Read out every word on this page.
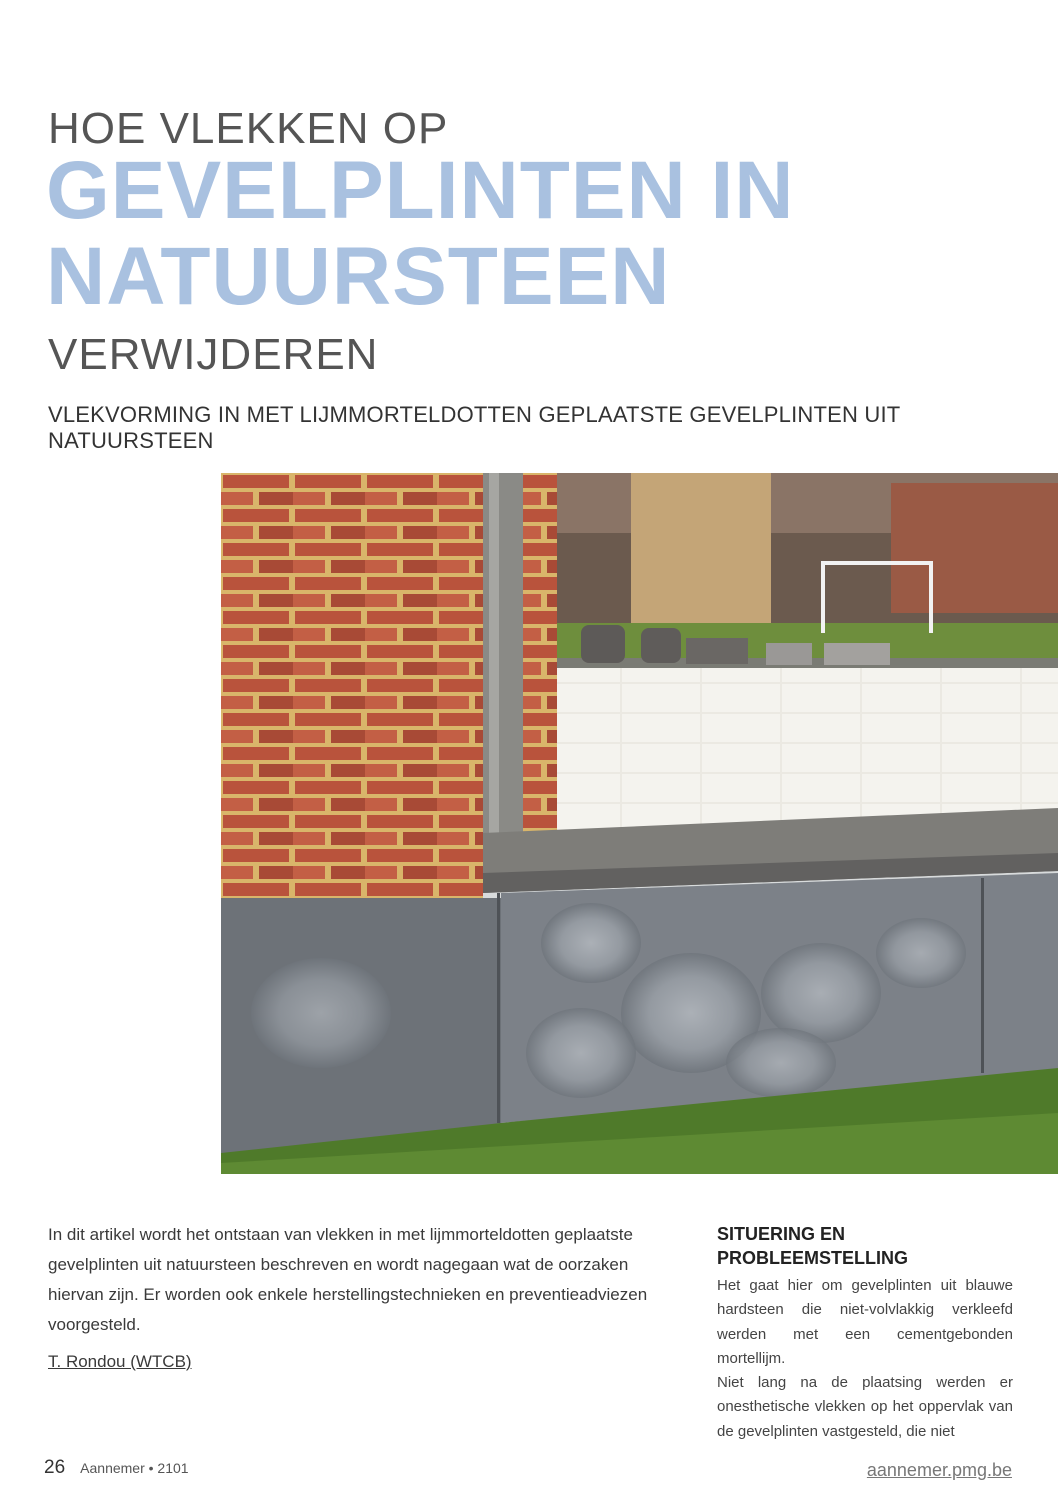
HOE VLEKKEN OP
GEVELPLINTEN IN
NATUURSTEEN
VERWIJDEREN
VLEKVORMING IN MET LIJMMORTELDOTTEN GEPLAATSTE GEVELPLINTEN UIT NATUURSTEEN
In dit artikel wordt het ontstaan van vlekken in met lijmmorteldotten geplaatste gevelplinten uit natuursteen beschreven en wordt nagegaan wat de oorzaken hiervan zijn. Er worden ook enkele herstellingstechnieken en preventieadviezen voorgesteld.
T. Rondou (WTCB)
SITUERING EN
PROBLEEMSTELLING

Het gaat hier om gevelplinten uit blauwe hardsteen die niet-volvlakkig verkleefd werden met een cementgebonden mortellijm.

Niet lang na de plaatsing werden er onesthetische vlekken op het oppervlak van de gevelplinten vastgesteld, die niet

26 Aannemer • 2101	aannemer.pmg.be
